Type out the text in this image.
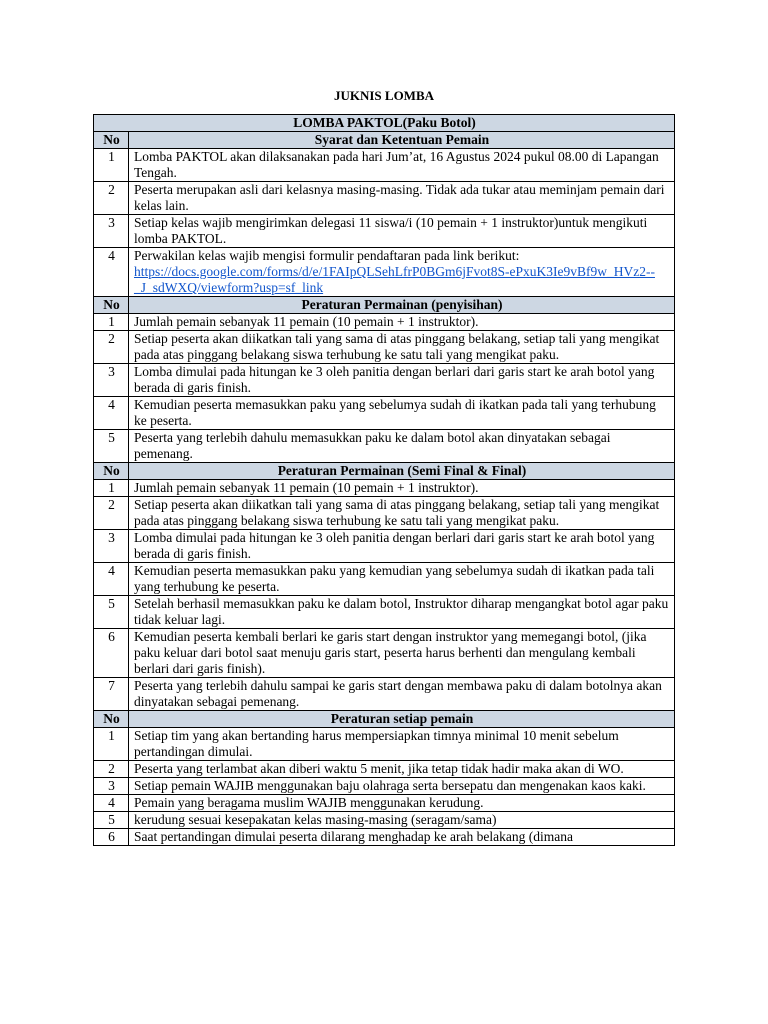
JUKNIS LOMBA
LOMBA PAKTOL(Paku Botol)	
No	Syarat dan Ketentuan Pemain
1	Lomba PAKTOL akan dilaksanakan pada hari Jum’at, 16 Agustus 2024 pukul 08.00 di Lapangan Tengah.
2	Peserta merupakan asli dari kelasnya masing-masing. Tidak ada tukar atau meminjam pemain dari kelas lain.
3	Setiap kelas wajib mengirimkan delegasi 11 siswa/i (10 pemain + 1 instruktor)untuk mengikuti lomba PAKTOL.
4	Perwakilan kelas wajib mengisi formulir pendaftaran pada link berikut:
https://docs.google.com/forms/d/e/1FAIpQLSehLfrP0BGm6jFvot8S-ePxuK3Ie9vBf9w_HVz2--_J_sdWXQ/viewform?usp=sf_link
No	Peraturan Permainan (penyisihan)
1	Jumlah pemain sebanyak 11 pemain (10 pemain + 1 instruktor).
2	Setiap peserta akan diikatkan tali yang sama di atas pinggang belakang, setiap tali yang mengikat pada atas pinggang belakang siswa terhubung ke satu tali yang mengikat paku.
3	Lomba dimulai pada hitungan ke 3 oleh panitia dengan berlari dari garis start ke arah botol yang berada di garis finish.
4	Kemudian peserta memasukkan paku yang sebelumya sudah di ikatkan pada tali yang terhubung ke peserta.
5	Peserta yang terlebih dahulu memasukkan paku ke dalam botol akan dinyatakan sebagai pemenang.
No	Peraturan Permainan (Semi Final & Final)
1	Jumlah pemain sebanyak 11 pemain (10 pemain + 1 instruktor).
2	Setiap peserta akan diikatkan tali yang sama di atas pinggang belakang, setiap tali yang mengikat pada atas pinggang belakang siswa terhubung ke satu tali yang mengikat paku.
3	Lomba dimulai pada hitungan ke 3 oleh panitia dengan berlari dari garis start ke arah botol yang berada di garis finish.
4	Kemudian peserta memasukkan paku yang kemudian yang sebelumya sudah di ikatkan pada tali yang terhubung ke peserta.
5	Setelah berhasil memasukkan paku ke dalam botol, Instruktor diharap mengangkat botol agar paku tidak keluar lagi.
6	Kemudian peserta kembali berlari ke garis start dengan instruktor yang memegangi botol, (jika paku keluar dari botol saat menuju garis start, peserta harus berhenti dan mengulang kembali berlari dari garis finish).
7	Peserta yang terlebih dahulu sampai ke garis start dengan membawa paku di dalam botolnya akan dinyatakan sebagai pemenang.
No	Peraturan setiap pemain
1	Setiap tim yang akan bertanding harus mempersiapkan timnya minimal 10 menit sebelum pertandingan dimulai.
2	Peserta yang terlambat akan diberi waktu 5 menit, jika tetap tidak hadir maka akan di WO.
3	Setiap pemain WAJIB menggunakan baju olahraga serta bersepatu dan mengenakan kaos kaki.
4	Pemain yang beragama muslim WAJIB menggunakan kerudung.
5	kerudung sesuai kesepakatan kelas masing-masing (seragam/sama)
6	Saat pertandingan dimulai peserta dilarang menghadap ke arah belakang (dimana
